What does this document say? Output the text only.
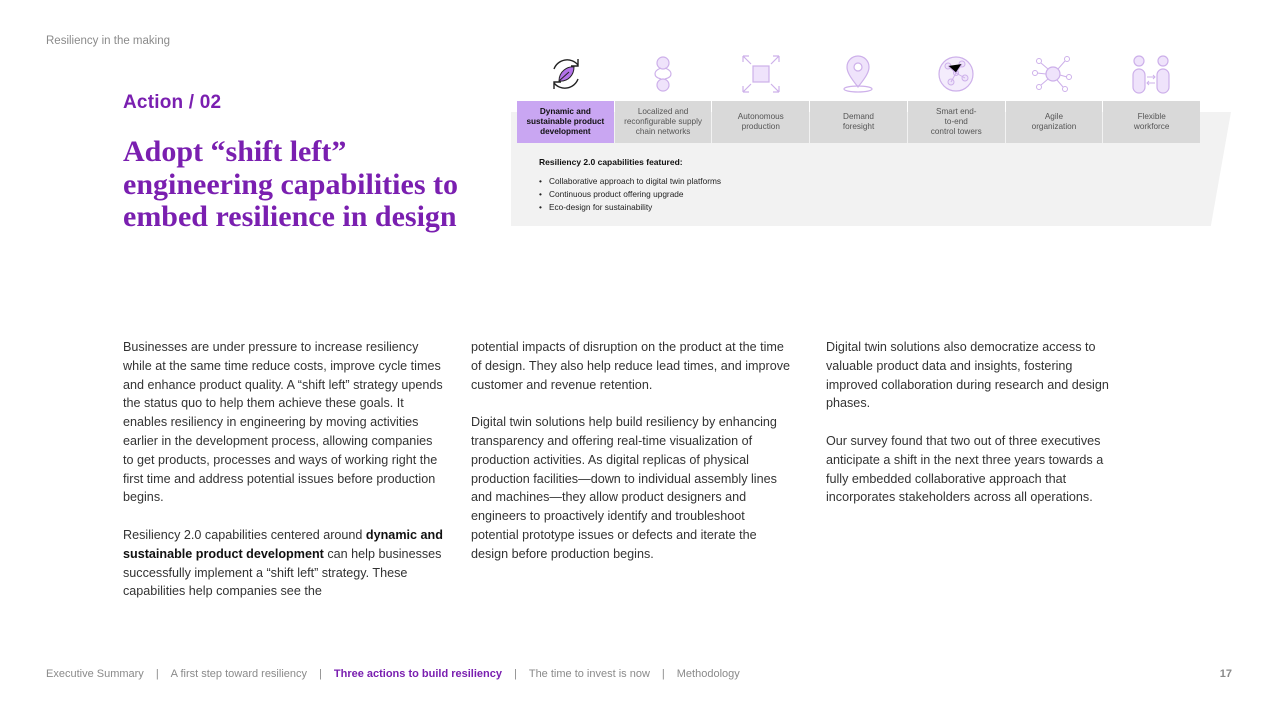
Resiliency in the making
Action / 02
Adopt “shift left” engineering capabilities to embed resilience in design
Dynamic and
sustainable product
development
Localized and
reconfigurable supply
chain networks
Autonomous
production
Demand
foresight
Smart end-
to-end
control towers
Agile
organization
Flexible
workforce
Resiliency 2.0 capabilities featured:
• Collaborative approach to digital twin platforms
• Continuous product offering upgrade
• Eco-design for sustainability

Businesses are under pressure to increase resiliency while at the same time reduce costs, improve cycle times and enhance product quality. A “shift left” strategy upends the status quo to help them achieve these goals. It enables resiliency in engineering by moving activities earlier in the development process, allowing companies to get products, processes and ways of working right the first time and address potential issues before production begins.

Resiliency 2.0 capabilities centered around dynamic and sustainable product development can help businesses successfully implement a “shift left” strategy. These capabilities help companies see the

potential impacts of disruption on the product at the time of design. They also help reduce lead times, and improve customer and revenue retention.

Digital twin solutions help build resiliency by enhancing transparency and offering real-time visualization of production activities. As digital replicas of physical production facilities—down to individual assembly lines and machines—they allow product designers and engineers to proactively identify and troubleshoot potential prototype issues or defects and iterate the design before production begins.

Digital twin solutions also democratize access to valuable product data and insights, fostering improved collaboration during research and design phases.

Our survey found that two out of three executives anticipate a shift in the next three years towards a fully embedded collaborative approach that incorporates stakeholders across all operations.

Executive Summary | A first step toward resiliency | Three actions to build resiliency | The time to invest is now | Methodology	17
